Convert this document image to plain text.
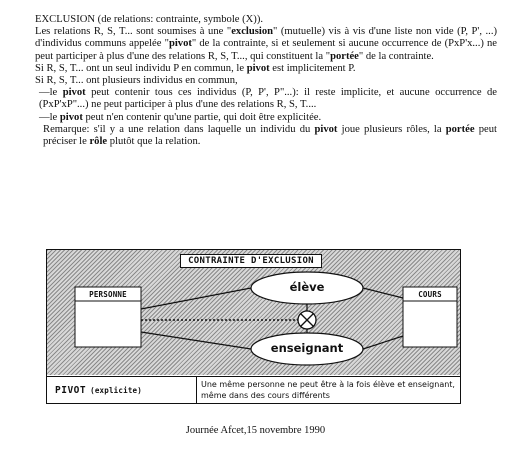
EXCLUSION (de relations: contrainte, symbole (X)).

Les relations R, S, T... sont soumises à une "exclusion" (mutuelle) vis à vis d'une liste non vide (P, P', ...) d'individus communs appelée "pivot" de la contrainte, si et seulement si aucune occurrence de (PxP'x...) ne peut participer à plus d'une des relations R, S, T..., qui constituent la "portée" de la contrainte.

Si R, S, T... ont un seul individu P en commun, le pivot est implicitement P.

Si R, S, T... ont plusieurs individus en commun,

—le pivot peut contenir tous ces individus (P, P', P"...): il reste implicite, et aucune occurrence de (PxP'xP"...) ne peut participer à plus d'une des relations R, S, T....

—le pivot peut n'en contenir qu'une partie, qui doit être explicitée.

Remarque: s'il y a une relation dans laquelle un individu du pivot joue plusieurs rôles, la portée peut préciser le rôle plutôt que la relation.

CONTRAINTE D'EXCLUSION
PERSONNE	COURS
élève
enseignant
PIVOT (explicite)
Une même personne ne peut être à la fois élève et enseignant, même dans des cours différents
Journée Afcet,15 novembre 1990
